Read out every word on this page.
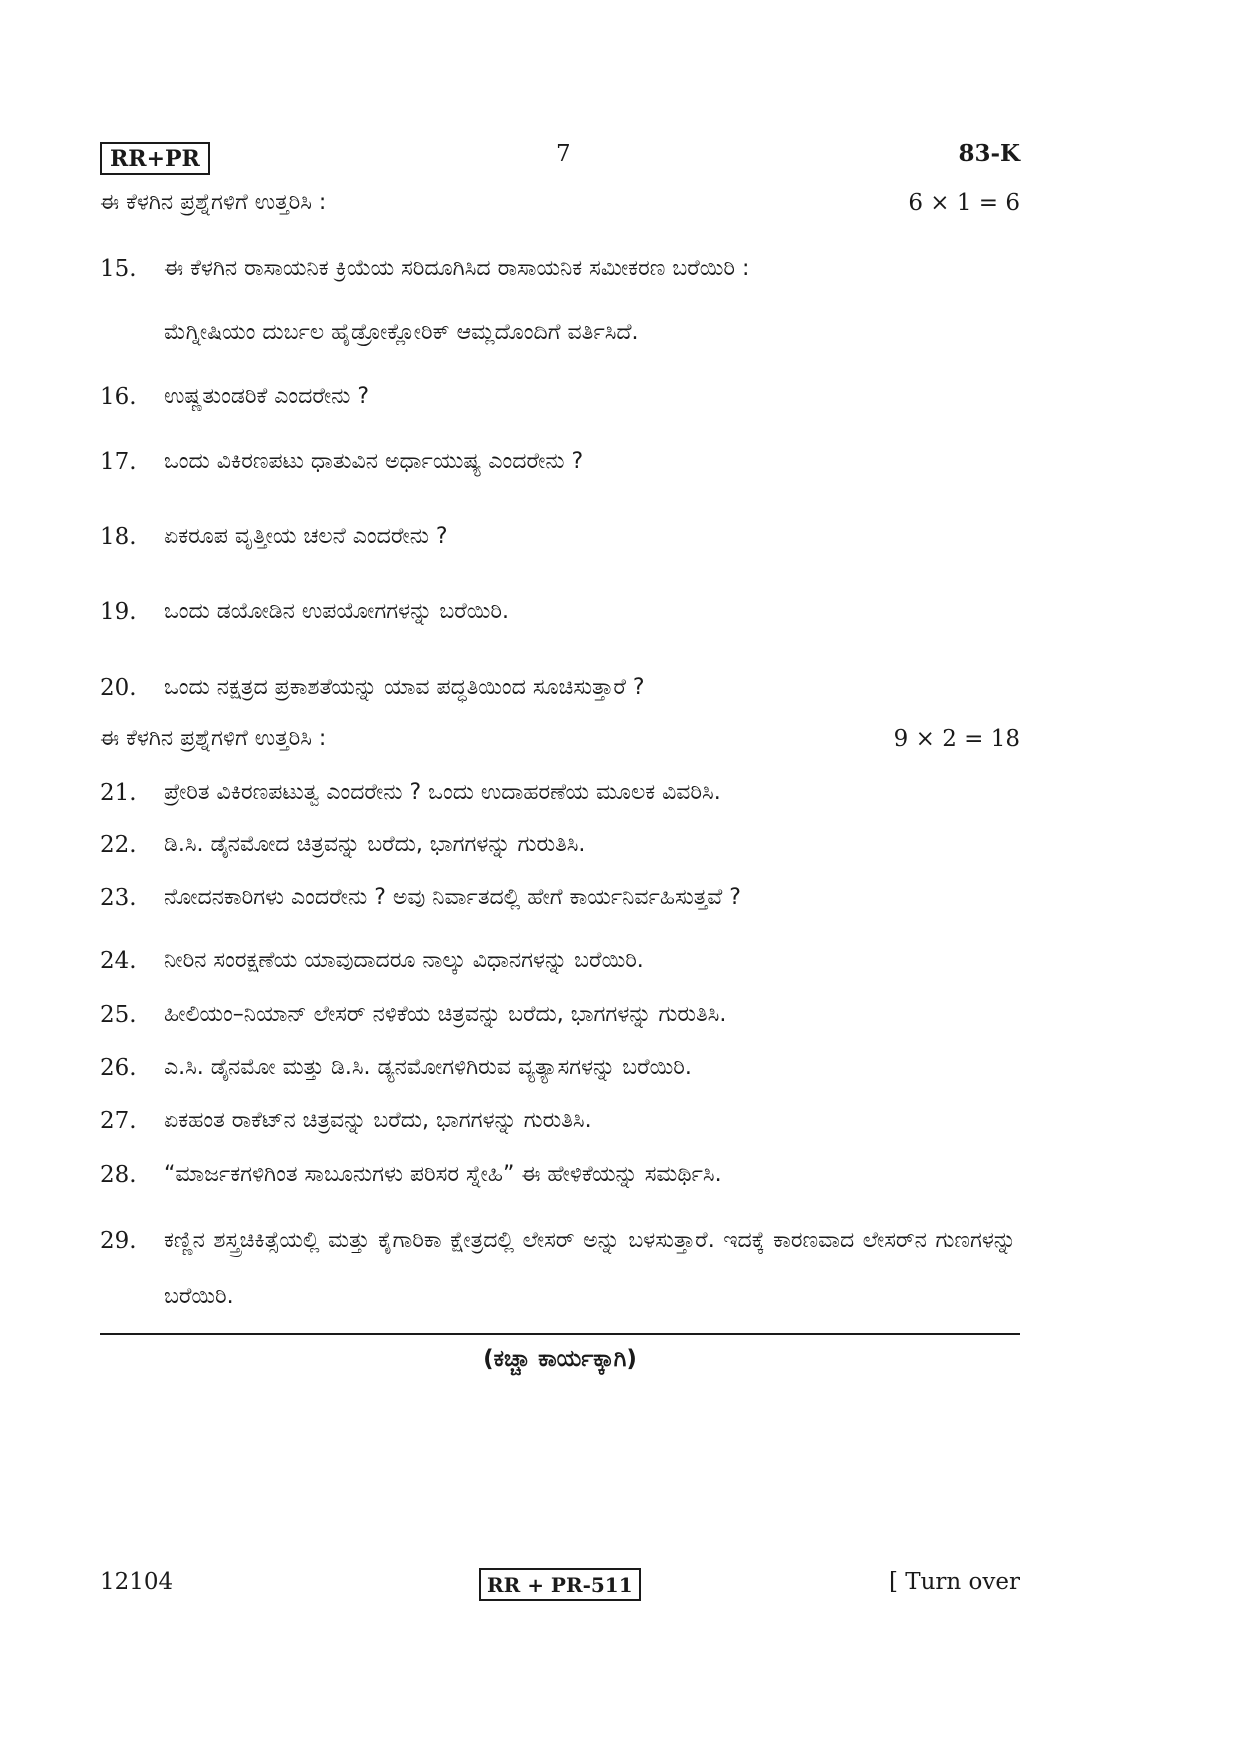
RR+PR	7	83-K
ಈ ಕೆಳಗಿನ ಪ್ರಶ್ನೆಗಳಿಗೆ ಉತ್ತರಿಸಿ :	6 × 1 = 6
15.	ಈ ಕೆಳಗಿನ ರಾಸಾಯನಿಕ ಕ್ರಿಯೆಯ ಸರಿದೂಗಿಸಿದ ರಾಸಾಯನಿಕ ಸಮೀಕರಣ ಬರೆಯಿರಿ :
ಮೆಗ್ನೀಷಿಯಂ ದುರ್ಬಲ ಹೈಡ್ರೋಕ್ಲೋರಿಕ್ ಆಮ್ಲದೊಂದಿಗೆ ವರ್ತಿಸಿದೆ.
16.	ಉಷ್ಣತುಂಡರಿಕೆ ಎಂದರೇನು ?
17.	ಒಂದು ವಿಕಿರಣಪಟು ಧಾತುವಿನ ಅರ್ಧಾಯುಷ್ಯ ಎಂದರೇನು ?
18.	ಏಕರೂಪ ವೃತ್ತೀಯ ಚಲನೆ ಎಂದರೇನು ?
19.	ಒಂದು ಡಯೋಡಿನ ಉಪಯೋಗಗಳನ್ನು ಬರೆಯಿರಿ.
20.	ಒಂದು ನಕ್ಷತ್ರದ ಪ್ರಕಾಶತೆಯನ್ನು ಯಾವ ಪದ್ಧತಿಯಿಂದ ಸೂಚಿಸುತ್ತಾರೆ ?
ಈ ಕೆಳಗಿನ ಪ್ರಶ್ನೆಗಳಿಗೆ ಉತ್ತರಿಸಿ :	9 × 2 = 18
21.	ಪ್ರೇರಿತ ವಿಕಿರಣಪಟುತ್ವ ಎಂದರೇನು ? ಒಂದು ಉದಾಹರಣೆಯ ಮೂಲಕ ವಿವರಿಸಿ.
22.	ಡಿ.ಸಿ. ಡೈನಮೋದ ಚಿತ್ರವನ್ನು ಬರೆದು, ಭಾಗಗಳನ್ನು ಗುರುತಿಸಿ.
23.	ನೋದನಕಾರಿಗಳು ಎಂದರೇನು ? ಅವು ನಿರ್ವಾತದಲ್ಲಿ ಹೇಗೆ ಕಾರ್ಯನಿರ್ವಹಿಸುತ್ತವೆ ?
24.	ನೀರಿನ ಸಂರಕ್ಷಣೆಯ ಯಾವುದಾದರೂ ನಾಲ್ಕು ವಿಧಾನಗಳನ್ನು ಬರೆಯಿರಿ.
25.	ಹೀಲಿಯಂ–ನಿಯಾನ್ ಲೇಸರ್ ನಳಿಕೆಯ ಚಿತ್ರವನ್ನು ಬರೆದು, ಭಾಗಗಳನ್ನು ಗುರುತಿಸಿ.
26.	ಎ.ಸಿ. ಡೈನಮೋ ಮತ್ತು ಡಿ.ಸಿ. ಡ್ಯನಮೋಗಳಿಗಿರುವ ವ್ಯತ್ಯಾಸಗಳನ್ನು ಬರೆಯಿರಿ.
27.	ಏಕಹಂತ ರಾಕೆಟ್‌ನ ಚಿತ್ರವನ್ನು ಬರೆದು, ಭಾಗಗಳನ್ನು ಗುರುತಿಸಿ.
28.	“ಮಾರ್ಜಕಗಳಿಗಿಂತ ಸಾಬೂನುಗಳು ಪರಿಸರ ಸ್ನೇಹಿ” ಈ ಹೇಳಿಕೆಯನ್ನು ಸಮರ್ಥಿಸಿ.
29.	ಕಣ್ಣಿನ ಶಸ್ತ್ರಚಿಕಿತ್ಸೆಯಲ್ಲಿ ಮತ್ತು ಕೈಗಾರಿಕಾ ಕ್ಷೇತ್ರದಲ್ಲಿ ಲೇಸರ್ ಅನ್ನು ಬಳಸುತ್ತಾರೆ. ಇದಕ್ಕೆ ಕಾರಣವಾದ ಲೇಸರ್‌ನ ಗುಣಗಳನ್ನು ಬರೆಯಿರಿ.
(ಕಚ್ಚಾ ಕಾರ್ಯಕ್ಕಾಗಿ)
12104	RR + PR-511	[ Turn over
